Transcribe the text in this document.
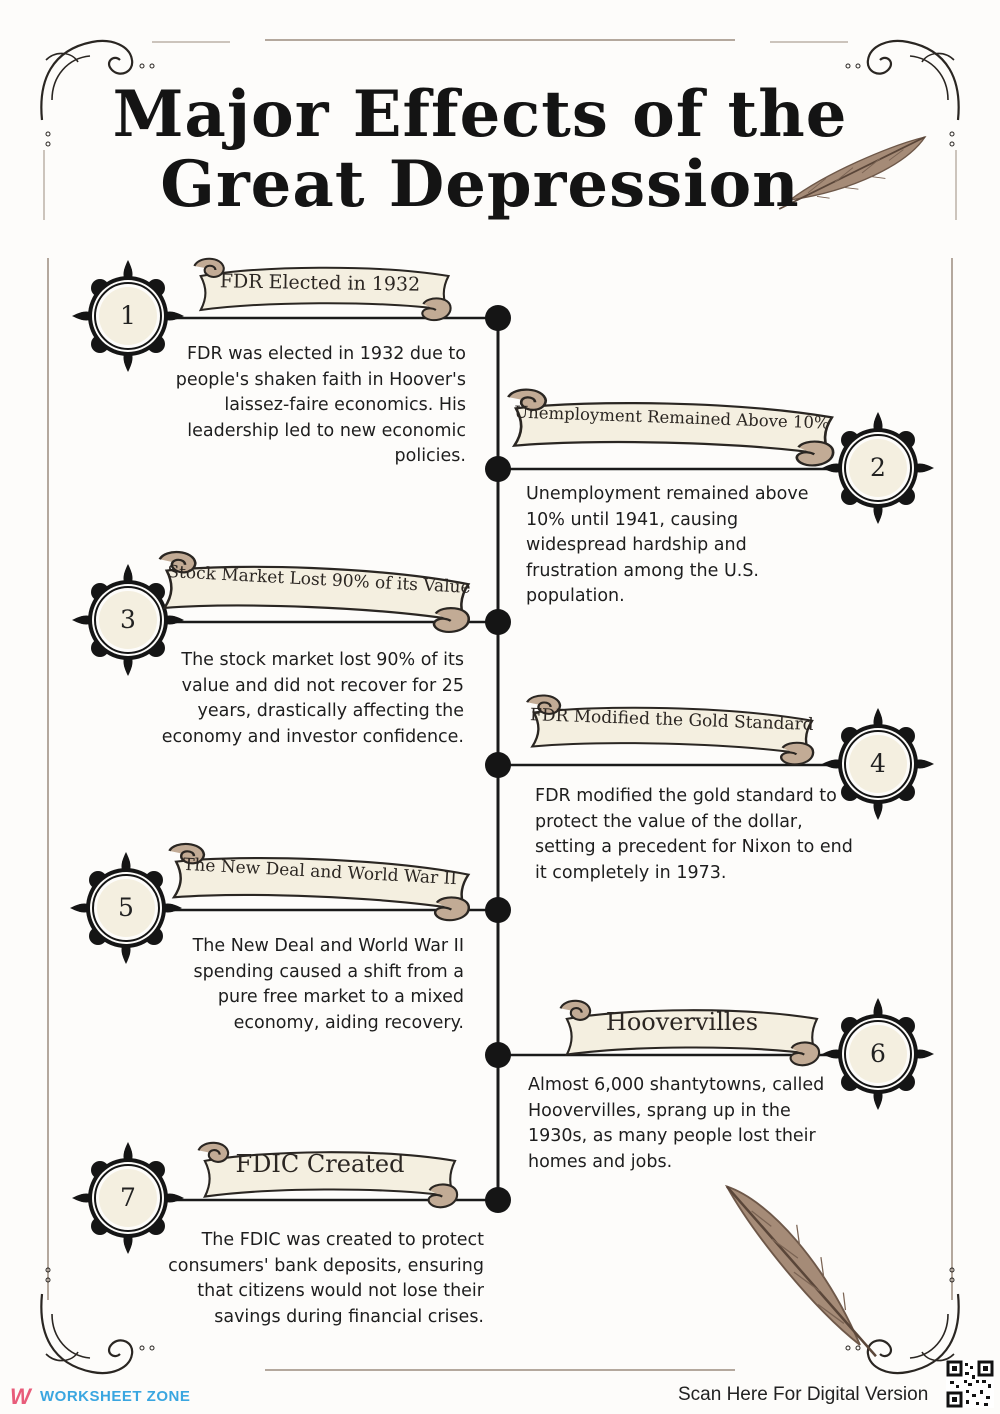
Major Effects of the
Great Depression
1
2
3
4
5
6
7
FDR Elected in 1932
Unemployment Remained Above 10%
Stock Market Lost 90% of its Value
FDR Modified the Gold Standard
The New Deal and World War II
Hoovervilles
FDIC Created

FDR was elected in 1932 due to people's shaken faith in Hoover's laissez-faire economics. His leadership led to new economic policies.

Unemployment remained above 10% until 1941, causing widespread hardship and frustration among the U.S. population.

The stock market lost 90% of its value and did not recover for 25 years, drastically affecting the economy and investor confidence.

FDR modified the gold standard to protect the value of the dollar, setting a precedent for Nixon to end it completely in 1973.

The New Deal and World War II spending caused a shift from a pure free market to a mixed economy, aiding recovery.

Almost 6,000 shantytowns, called Hoovervilles, sprang up in the 1930s, as many people lost their homes and jobs.

The FDIC was created to protect consumers' bank deposits, ensuring that citizens would not lose their savings during financial crises.

W WORKSHEET ZONE	Scan Here For Digital Version
